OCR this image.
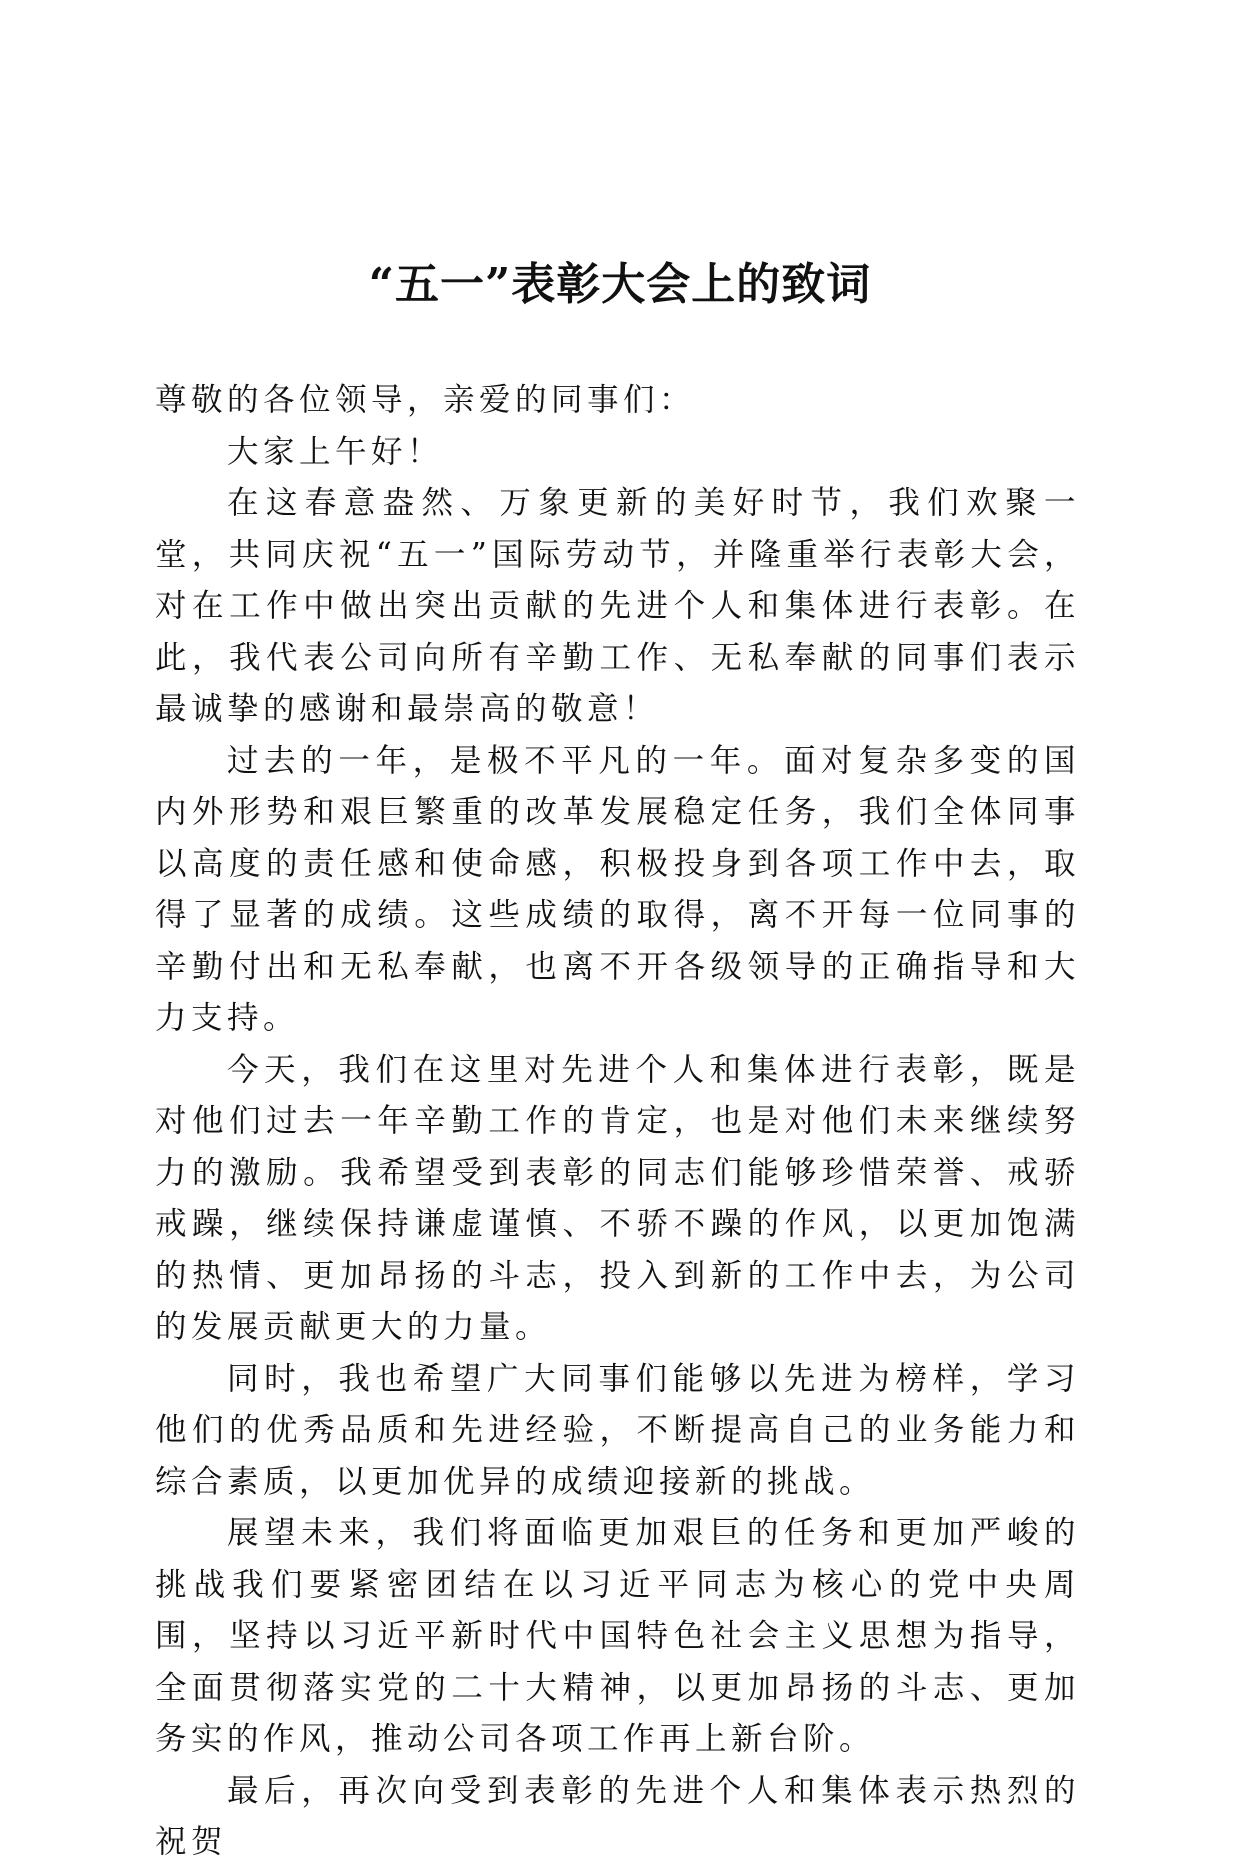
“五一”表彰大会上的致词

尊敬的各位领导，亲爱的同事们：

大家上午好！

在这春意盎然、万象更新的美好时节，我们欢聚一堂，共同庆祝“五一”国际劳动节，并隆重举行表彰大会，对在工作中做出突出贡献的先进个人和集体进行表彰。在此，我代表公司向所有辛勤工作、无私奉献的同事们表示最诚挚的感谢和最崇高的敬意！

过去的一年，是极不平凡的一年。面对复杂多变的国内外形势和艰巨繁重的改革发展稳定任务，我们全体同事以高度的责任感和使命感，积极投身到各项工作中去，取得了显著的成绩。这些成绩的取得，离不开每一位同事的辛勤付出和无私奉献，也离不开各级领导的正确指导和大力支持。

今天，我们在这里对先进个人和集体进行表彰，既是对他们过去一年辛勤工作的肯定，也是对他们未来继续努力的激励。我希望受到表彰的同志们能够珍惜荣誉、戒骄戒躁，继续保持谦虚谨慎、不骄不躁的作风，以更加饱满的热情、更加昂扬的斗志，投入到新的工作中去，为公司的发展贡献更大的力量。

同时，我也希望广大同事们能够以先进为榜样，学习他们的优秀品质和先进经验，不断提高自己的业务能力和综合素质，以更加优异的成绩迎接新的挑战。

展望未来，我们将面临更加艰巨的任务和更加严峻的挑战我们要紧密团结在以习近平同志为核心的党中央周围，坚持以习近平新时代中国特色社会主义思想为指导，全面贯彻落实党的二十大精神，以更加昂扬的斗志、更加务实的作风，推动公司各项工作再上新台阶。

最后，再次向受到表彰的先进个人和集体表示热烈的祝贺
